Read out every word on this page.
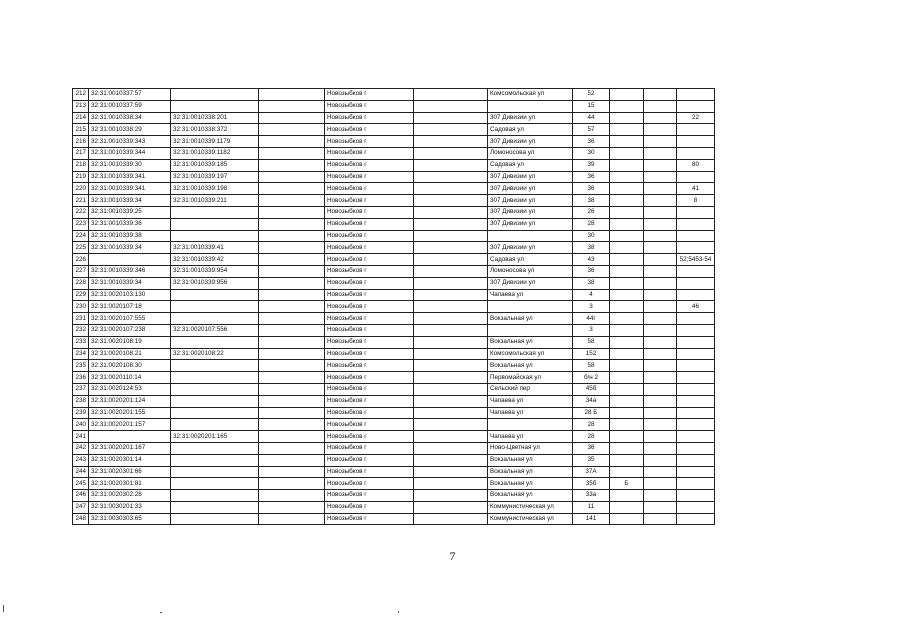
212	32:31:0010337:57			Новозыбков г		Комсомольская ул	52			
213	32:31:0010337:59			Новозыбков г			15			
214	32:31:0010338:34	32:31:0010338:201		Новозыбков г		307 Дивизии ул	44			22
215	32:31:0010338:29	32:31:0010338:372		Новозыбков г		Садовая ул	57			
216	32:31:0010339:343	32:31:0010339:1179		Новозыбков г		307 Дивизии ул	36			
217	32:31:0010339:344	32:31:0010339:1182		Новозыбков г		Ломоносова ул	30			
218	32:31:0010339:30	32:31:0010339:185		Новозыбков г		Садовая ул	39			80
219	32:31:0010339:341	32:31:0010339:197		Новозыбков г		307 Дивизии ул	36			
220	32:31:0010339:341	32:31:0010339:198		Новозыбков г		307 Дивизии ул	36			41
221	32:31:0010339:34	32:31:0010339:211		Новозыбков г		307 Дивизии ул	38			8
222	32:31:0010339:25			Новозыбков г		307 Дивизии ул	26			
223	32:31:0010339:36			Новозыбков г		307 Дивизии ул	28			
224	32:31:0010339:38			Новозыбков г			30			
225	32:31:0010339:34	32:31:0010339:41		Новозыбков г		307 Дивизии ул	38			
226		32:31:0010339:42		Новозыбков г		Садовая ул	43			52;5453-54
227	32:31:0010339:346	32:31:0010339:954		Новозыбков г		Ломоносова ул	36			
228	32:31:0010339:34	32:31:0010339:956		Новозыбков г		307 Дивизии ул	38			
229	32:31:0020103:130			Новозыбков г		Чапаева ул	4			
230	32:31:0020107:18			Новозыбков г			3			46
231	32:31:0020107:555			Новозыбков г		Вокзальная ул	44г			
232	32:31:0020107:238	32:31:0020107:556		Новозыбков г			3			
233	32:31:0020108:19			Новозыбков г		Вокзальная ул	58			
234	32:31:0020108:21	32:31:0020108:22		Новозыбков г		Комсомольская ул	152			
235	32:31:0020108:30			Новозыбков г		Вокзальная ул	58			
236	32:31:0020110:14			Новозыбков г		Первомайская ул	б/н 2			
237	32:31:0020124:53			Новозыбков г		Сельский пер	45б			
238	32:31:0020201:124			Новозыбков г		Чапаева ул	34а			
239	32:31:0020201:155			Новозыбков г		Чапаева ул	28 Б			
240	32:31:0020201:157			Новозыбков г			28			
241		32:31:0020201:165		Новозыбков г		Чапаева ул	28			
242	32:31:0020201:167			Новозыбков г		Ново-Цветная ул	36			
243	32:31:0020301:14			Новозыбков г		Вокзальная ул	35			
244	32:31:0020301:66			Новозыбков г		Вокзальная ул	37А			
245	32:31:0020301:81			Новозыбков г		Вокзальная ул	35б	Б		
246	32:31:0020302:28			Новозыбков г		Вокзальная ул	33а			
247	32:31:0030201:33			Новозыбков г		Коммунистическая ул	11			
248	32:31:0030303:65			Новозыбков г		Коммунистическая ул	141			
7
